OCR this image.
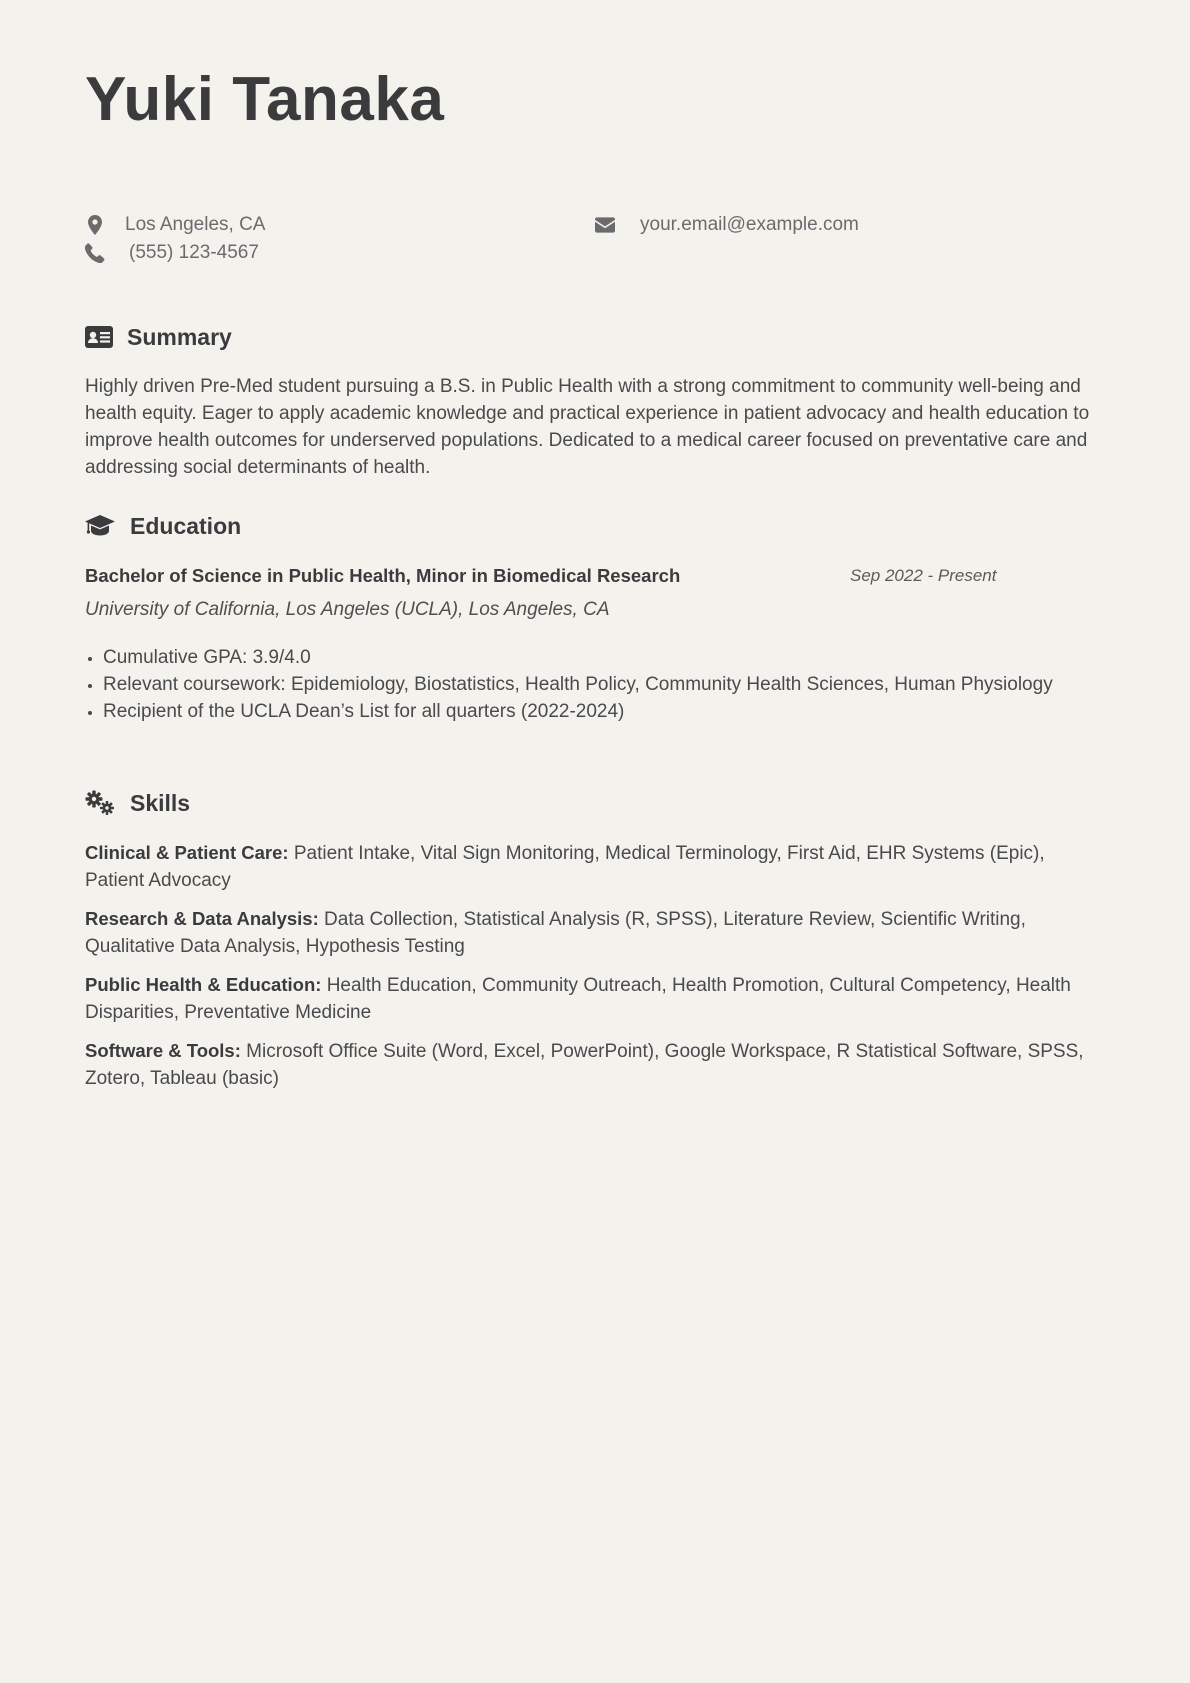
Yuki Tanaka
Los Angeles, CA
(555) 123-4567
your.email@example.com
Summary

Highly driven Pre-Med student pursuing a B.S. in Public Health with a strong commitment to community well-being and health equity. Eager to apply academic knowledge and practical experience in patient advocacy and health education to improve health outcomes for underserved populations. Dedicated to a medical career focused on preventative care and addressing social determinants of health.

Education
Bachelor of Science in Public Health, Minor in Biomedical Research	Sep 2022 - Present
University of California, Los Angeles (UCLA), Los Angeles, CA
• Cumulative GPA: 3.9/4.0
• Relevant coursework: Epidemiology, Biostatistics, Health Policy, Community Health Sciences, Human Physiology
• Recipient of the UCLA Dean’s List for all quarters (2022-2024)
Skills

Clinical & Patient Care: Patient Intake, Vital Sign Monitoring, Medical Terminology, First Aid, EHR Systems (Epic), Patient Advocacy

Research & Data Analysis: Data Collection, Statistical Analysis (R, SPSS), Literature Review, Scientific Writing, Qualitative Data Analysis, Hypothesis Testing

Public Health & Education: Health Education, Community Outreach, Health Promotion, Cultural Competency, Health Disparities, Preventative Medicine

Software & Tools: Microsoft Office Suite (Word, Excel, PowerPoint), Google Workspace, R Statistical Software, SPSS, Zotero, Tableau (basic)
